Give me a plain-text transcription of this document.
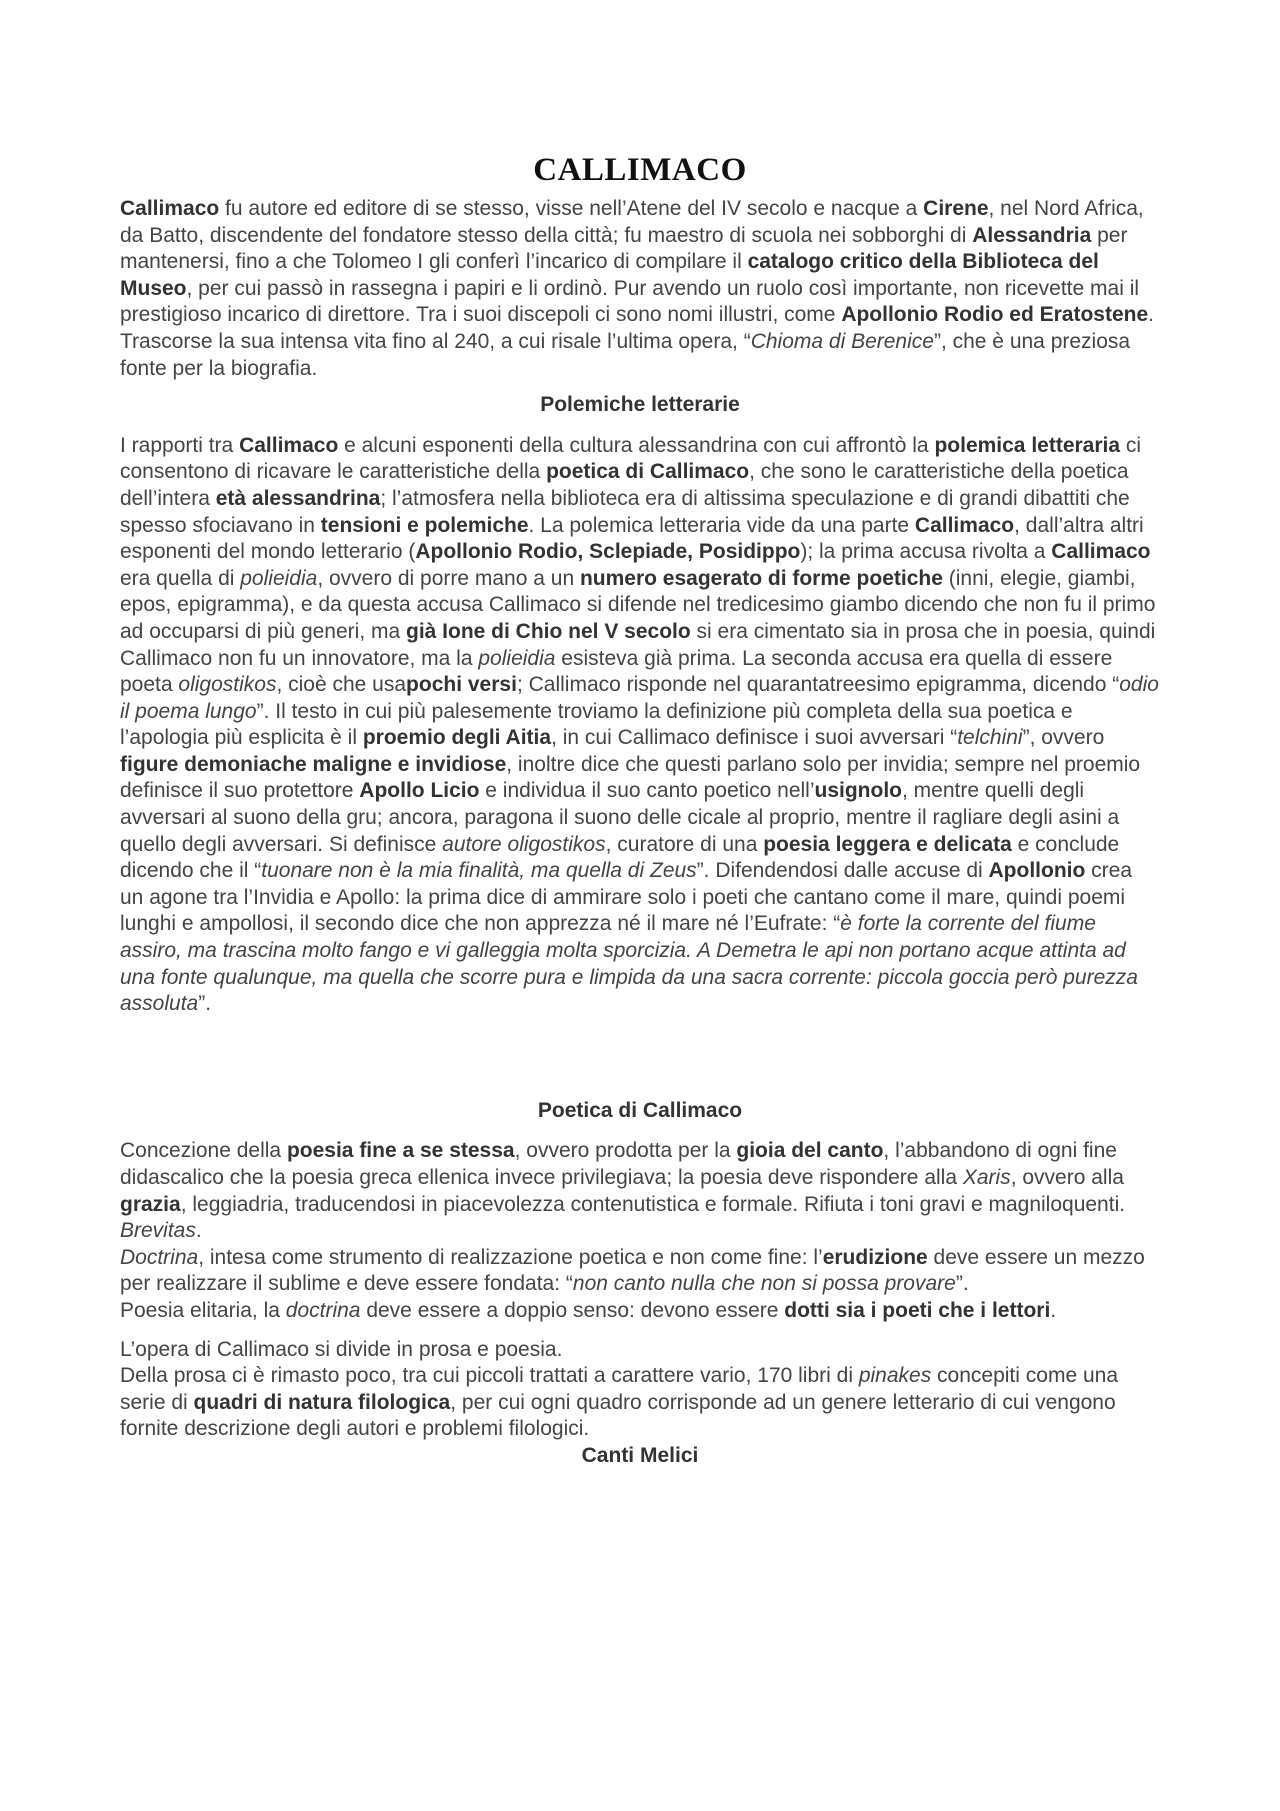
CALLIMACO

Callimaco fu autore ed editore di se stesso, visse nell’Atene del IV secolo e nacque a Cirene, nel Nord Africa, da Batto, discendente del fondatore stesso della città; fu maestro di scuola nei sobborghi di Alessandria per mantenersi, fino a che Tolomeo I gli conferì l’incarico di compilare il catalogo critico della Biblioteca del Museo, per cui passò in rassegna i papiri e li ordinò. Pur avendo un ruolo così importante, non ricevette mai il prestigioso incarico di direttore. Tra i suoi discepoli ci sono nomi illustri, come Apollonio Rodio ed Eratostene. Trascorse la sua intensa vita fino al 240, a cui risale l’ultima opera, “Chioma di Berenice”, che è una preziosa fonte per la biografia.

Polemiche letterarie

I rapporti tra Callimaco e alcuni esponenti della cultura alessandrina con cui affrontò la polemica letteraria ci consentono di ricavare le caratteristiche della poetica di Callimaco, che sono le caratteristiche della poetica dell’intera età alessandrina; l’atmosfera nella biblioteca era di altissima speculazione e di grandi dibattiti che spesso sfociavano in tensioni e polemiche. La polemica letteraria vide da una parte Callimaco, dall’altra altri esponenti del mondo letterario (Apollonio Rodio, Sclepiade, Posidippo); la prima accusa rivolta a Callimaco era quella di polieidia, ovvero di porre mano a un numero esagerato di forme poetiche (inni, elegie, giambi, epos, epigramma), e da questa accusa Callimaco si difende nel tredicesimo giambo dicendo che non fu il primo ad occuparsi di più generi, ma già Ione di Chio nel V secolo si era cimentato sia in prosa che in poesia, quindi Callimaco non fu un innovatore, ma la polieidia esisteva già prima. La seconda accusa era quella di essere poeta oligostikos, cioè che usapochi versi; Callimaco risponde nel quarantatreesimo epigramma, dicendo “odio il poema lungo”. Il testo in cui più palesemente troviamo la definizione più completa della sua poetica e l’apologia più esplicita è il proemio degli Aitia, in cui Callimaco definisce i suoi avversari “telchini”, ovvero figure demoniache maligne e invidiose, inoltre dice che questi parlano solo per invidia; sempre nel proemio definisce il suo protettore Apollo Licio e individua il suo canto poetico nell’usignolo, mentre quelli degli avversari al suono della gru; ancora, paragona il suono delle cicale al proprio, mentre il ragliare degli asini a quello degli avversari. Si definisce autore oligostikos, curatore di una poesia leggera e delicata e conclude dicendo che il “tuonare non è la mia finalità, ma quella di Zeus”. Difendendosi dalle accuse di Apollonio crea un agone tra l’Invidia e Apollo: la prima dice di ammirare solo i poeti che cantano come il mare, quindi poemi lunghi e ampollosi, il secondo dice che non apprezza né il mare né l’Eufrate: “è forte la corrente del fiume assiro, ma trascina molto fango e vi galleggia molta sporcizia. A Demetra le api non portano acque attinta ad una fonte qualunque, ma quella che scorre pura e limpida da una sacra corrente: piccola goccia però purezza assoluta”.

Poetica di Callimaco

Concezione della poesia fine a se stessa, ovvero prodotta per la gioia del canto, l’abbandono di ogni fine didascalico che la poesia greca ellenica invece privilegiava; la poesia deve rispondere alla Xaris, ovvero alla grazia, leggiadria, traducendosi in piacevolezza contenutistica e formale. Rifiuta i toni gravi e magniloquenti.

Brevitas.

Doctrina, intesa come strumento di realizzazione poetica e non come fine: l’erudizione deve essere un mezzo per realizzare il sublime e deve essere fondata: “non canto nulla che non si possa provare”.

Poesia elitaria, la doctrina deve essere a doppio senso: devono essere dotti sia i poeti che i lettori.

L’opera di Callimaco si divide in prosa e poesia.

Della prosa ci è rimasto poco, tra cui piccoli trattati a carattere vario, 170 libri di pinakes concepiti come una serie di quadri di natura filologica, per cui ogni quadro corrisponde ad un genere letterario di cui vengono fornite descrizione degli autori e problemi filologici.

Canti Melici
